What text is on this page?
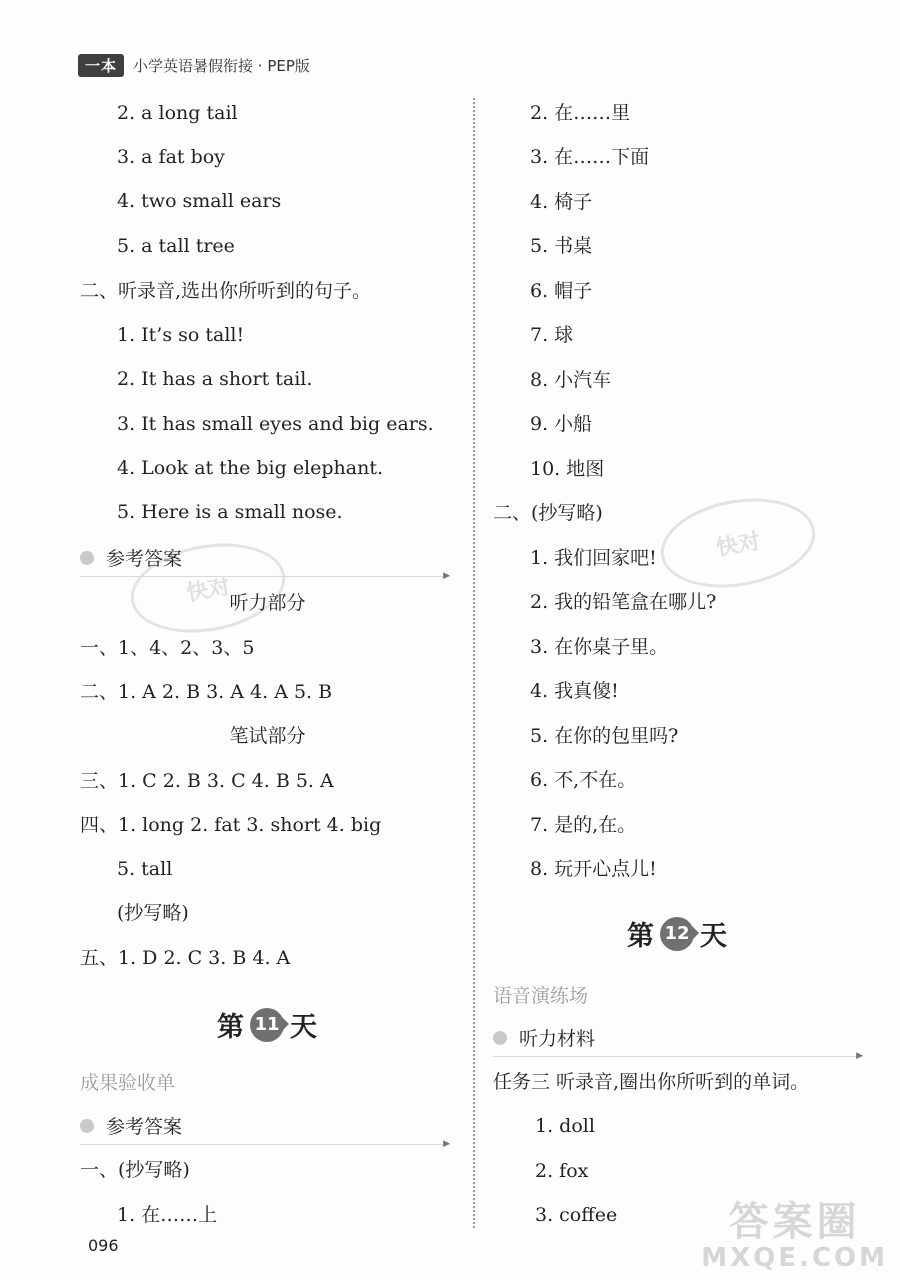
一本	小学英语暑假衔接 · PEP版
快对
快对
2. a long tail
3. a fat boy
4. two small ears
5. a tall tree
二、听录音,选出你所听到的句子。
1. It’s so tall!
2. It has a short tail.
3. It has small eyes and big ears.
4. Look at the big elephant.
5. Here is a small nose.
参考答案
▶
听力部分
一、1、4、2、3、5
二、1. A 2. B 3. A 4. A 5. B
笔试部分
三、1. C 2. B 3. C 4. B 5. A
四、1. long 2. fat 3. short 4. big
5. tall
(抄写略)
五、1. D 2. C 3. B 4. A
第 11 天
成果验收单
参考答案
▶
一、(抄写略)
1. 在……上
2. 在……里
3. 在……下面
4. 椅子
5. 书桌
6. 帽子
7. 球
8. 小汽车
9. 小船
10. 地图
二、(抄写略)
1. 我们回家吧!
2. 我的铅笔盒在哪儿?
3. 在你桌子里。
4. 我真傻!
5. 在你的包里吗?
6. 不,不在。
7. 是的,在。
8. 玩开心点儿!
第 12 天
语音演练场
听力材料
▶
任务三 听录音,圈出你所听到的单词。
1. doll
2. fox
3. coffee
096
答案圈
MXQE.COM
